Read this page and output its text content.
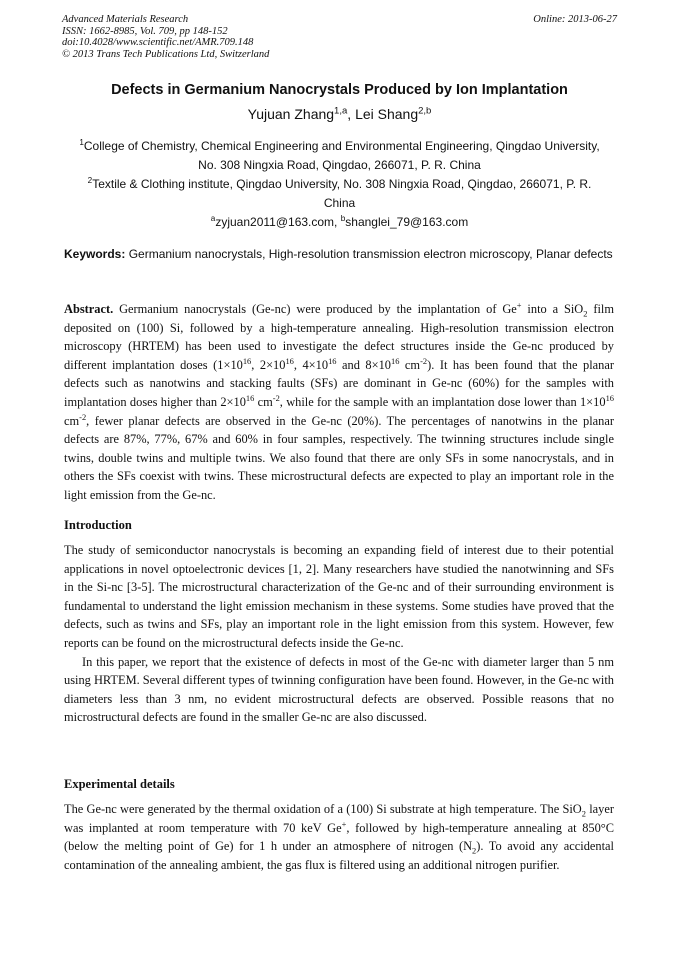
Advanced Materials Research
ISSN: 1662-8985, Vol. 709, pp 148-152
doi:10.4028/www.scientific.net/AMR.709.148
© 2013 Trans Tech Publications Ltd, Switzerland
Online: 2013-06-27
Defects in Germanium Nanocrystals Produced by Ion Implantation
Yujuan Zhang$^{1,a}$, Lei Shang$^{2,b}$
$^1$College of Chemistry, Chemical Engineering and Environmental Engineering, Qingdao University,
No. 308 Ningxia Road, Qingdao, 266071, P. R. China
$^2$Textile & Clothing institute, Qingdao University, No. 308 Ningxia Road, Qingdao, 266071, P. R.
China
$^a$zyjuan2011@163.com, $^b$shanglei_79@163.com
Keywords: Germanium nanocrystals, High-resolution transmission electron microscopy, Planar defects
Abstract. Germanium nanocrystals (Ge-nc) were produced by the implantation of Ge+ into a SiO$_2$ film deposited on (100) Si, followed by a high-temperature annealing. High-resolution transmission electron microscopy (HRTEM) has been used to investigate the defect structures inside the Ge-nc produced by different implantation doses ($1\times 10^{16}$, $2\times 10^{16}$, $4\times 10^{16}$ and $8\times 10^{16}$ $cm^{-2}$). It has been found that the planar defects such as nanotwins and stacking faults (SFs) are dominant in Ge-nc (60%) for the samples with implantation doses higher than $2\times 10^{16}$ $cm^{-2}$, while for the sample with an implantation dose lower than $1\times 10^{16}$ $cm^{-2}$, fewer planar defects are observed in the Ge-nc (20%). The percentages of nanotwins in the planar defects are 87%, 77%, 67% and 60% in four samples, respectively. The twinning structures include single twins, double twins and multiple twins. We also found that there are only SFs in some nanocrystals, and in others the SFs coexist with twins. These microstructural defects are expected to play an important role in the light emission from the Ge-nc.
Introduction
The study of semiconductor nanocrystals is becoming an expanding field of interest due to their potential applications in novel optoelectronic devices [1, 2]. Many researchers have studied the nanotwinning and SFs in the Si-nc [3-5]. The microstructural characterization of the Ge-nc and of their surrounding environment is fundamental to understand the light emission mechanism in these systems. Some studies have proved that the defects, such as twins and SFs, play an important role in the light emission from this system. However, few reports can be found on the microstructural defects inside the Ge-nc.
In this paper, we report that the existence of defects in most of the Ge-nc with diameter larger than 5 nm using HRTEM. Several different types of twinning configuration have been found. However, in the Ge-nc with diameters less than 3 nm, no evident microstructural defects are observed. Possible reasons that no microstructural defects are found in the smaller Ge-nc are also discussed.
Experimental details
The Ge-nc were generated by the thermal oxidation of a (100) Si substrate at high temperature. The SiO$_2$ layer was implanted at room temperature with 70 keV Ge+, followed by high-temperature annealing at 850°C (below the melting point of Ge) for 1 h under an atmosphere of nitrogen $(N_2)$. To avoid any accidental contamination of the annealing ambient, the gas flux is filtered using an additional nitrogen purifier.
